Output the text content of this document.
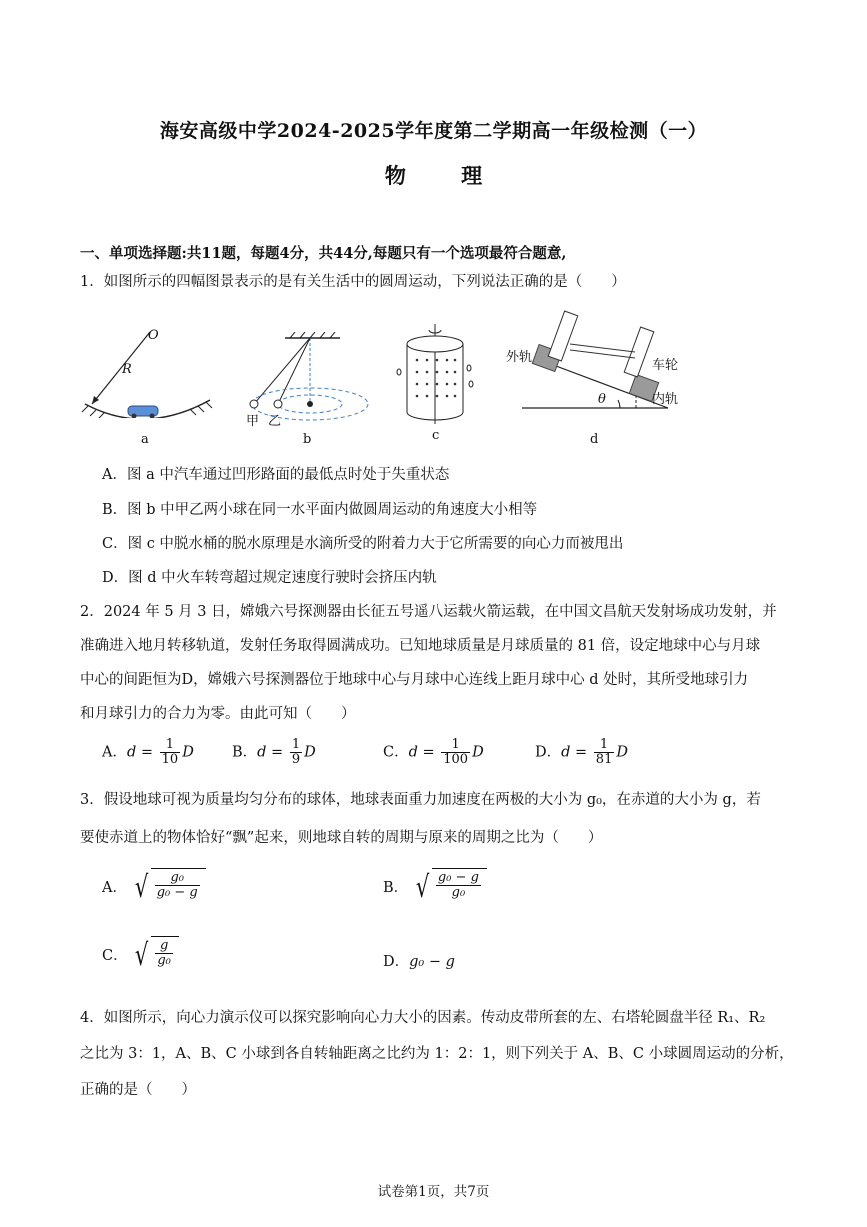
海安高级中学2024-2025学年度第二学期高一年级检测（一）
物	理
一、单项选择题:共11题，每题4分，共44分,每题只有一个选项最符合题意,
1．如图所示的四幅图景表示的是有关生活中的圆周运动，下列说法正确的是（　　）
O
R
a
甲 乙
b	c
外轨
车轮
内轨
θ
d
A．图 a 中汽车通过凹形路面的最低点时处于失重状态
B．图 b 中甲乙两小球在同一水平面内做圆周运动的角速度大小相等
C．图 c 中脱水桶的脱水原理是水滴所受的附着力大于它所需要的向心力而被甩出
D．图 d 中火车转弯超过规定速度行驶时会挤压内轨
2．2024 年 5 月 3 日，嫦娥六号探测器由长征五号遥八运载火箭运载，在中国文昌航天发射场成功发射，并
准确进入地月转移轨道，发射任务取得圆满成功。已知地球质量是月球质量的 81 倍，设定地球中心与月球
中心的间距恒为D，嫦娥六号探测器位于地球中心与月球中心连线上距月球中心 d 处时，其所受地球引力
和月球引力的合力为零。由此可知（　　）
A．$d = \frac{1}{10}$ D	B．$d = \frac{1}{9}$ D	C．$d = \frac{1}{100}$ D	D．$d = \frac{1}{81}$ D
3．假设地球可视为质量均匀分布的球体，地球表面重力加速度在两极的大小为 g₀，在赤道的大小为 g，若
要使赤道上的物体恰好“飘”起来，则地球自转的周期与原来的周期之比为（　　）
A． √ $\frac{\text{g₀}}{\text{g₀ − g}}$	B． √ $\frac{\text{g₀ − g}}{\text{g₀}}$
C． √ $\frac{g}{\text{g₀}}$	D．g₀ − g
4．如图所示，向心力演示仪可以探究影响向心力大小的因素。传动皮带所套的左、右塔轮圆盘半径 R₁、R₂
之比为 3：1，A、B、C 小球到各自转轴距离之比约为 1：2：1，则下列关于 A、B、C 小球圆周运动的分析，
正确的是（　　）
试卷第1页，共7页
